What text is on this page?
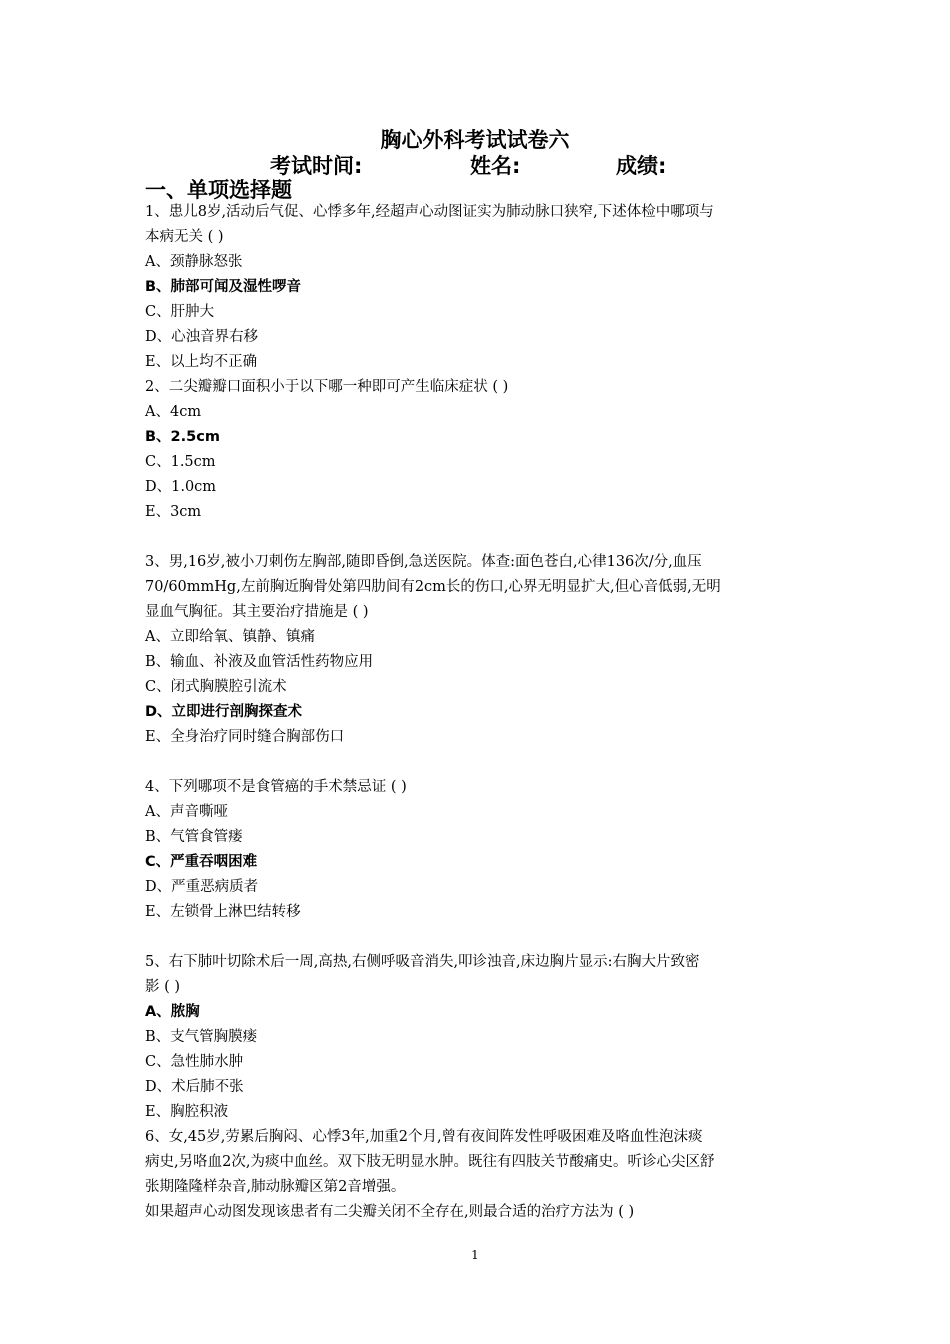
胸心外科考试试卷六
考试时间:	姓名:	成绩:
一、单项选择题

1、患儿8岁,活动后气促、心悸多年,经超声心动图证实为肺动脉口狭窄,下述体检中哪项与

本病无关 ( )

A、颈静脉怒张

B、肺部可闻及湿性啰音

C、肝肿大

D、心浊音界右移

E、以上均不正确

2、二尖瓣瓣口面积小于以下哪一种即可产生临床症状 ( )

A、4cm

B、2.5cm

C、1.5cm

D、1.0cm

E、3cm

3、男,16岁,被小刀刺伤左胸部,随即昏倒,急送医院。体查:面色苍白,心律136次/分,血压

70/60mmHg,左前胸近胸骨处第四肋间有2cm长的伤口,心界无明显扩大,但心音低弱,无明

显血气胸征。其主要治疗措施是 ( )

A、立即给氧、镇静、镇痛

B、输血、补液及血管活性药物应用

C、闭式胸膜腔引流术

D、立即进行剖胸探查术

E、全身治疗同时缝合胸部伤口

4、下列哪项不是食管癌的手术禁忌证 ( )

A、声音嘶哑

B、气管食管瘘

C、严重吞咽困难

D、严重恶病质者

E、左锁骨上淋巴结转移

5、右下肺叶切除术后一周,高热,右侧呼吸音消失,叩诊浊音,床边胸片显示:右胸大片致密

影 ( )

A、脓胸

B、支气管胸膜瘘

C、急性肺水肿

D、术后肺不张

E、胸腔积液

6、女,45岁,劳累后胸闷、心悸3年,加重2个月,曾有夜间阵发性呼吸困难及咯血性泡沫痰

病史,另咯血2次,为痰中血丝。双下肢无明显水肿。既往有四肢关节酸痛史。听诊心尖区舒

张期隆隆样杂音,肺动脉瓣区第2音增强。

如果超声心动图发现该患者有二尖瓣关闭不全存在,则最合适的治疗方法为 ( )

1
